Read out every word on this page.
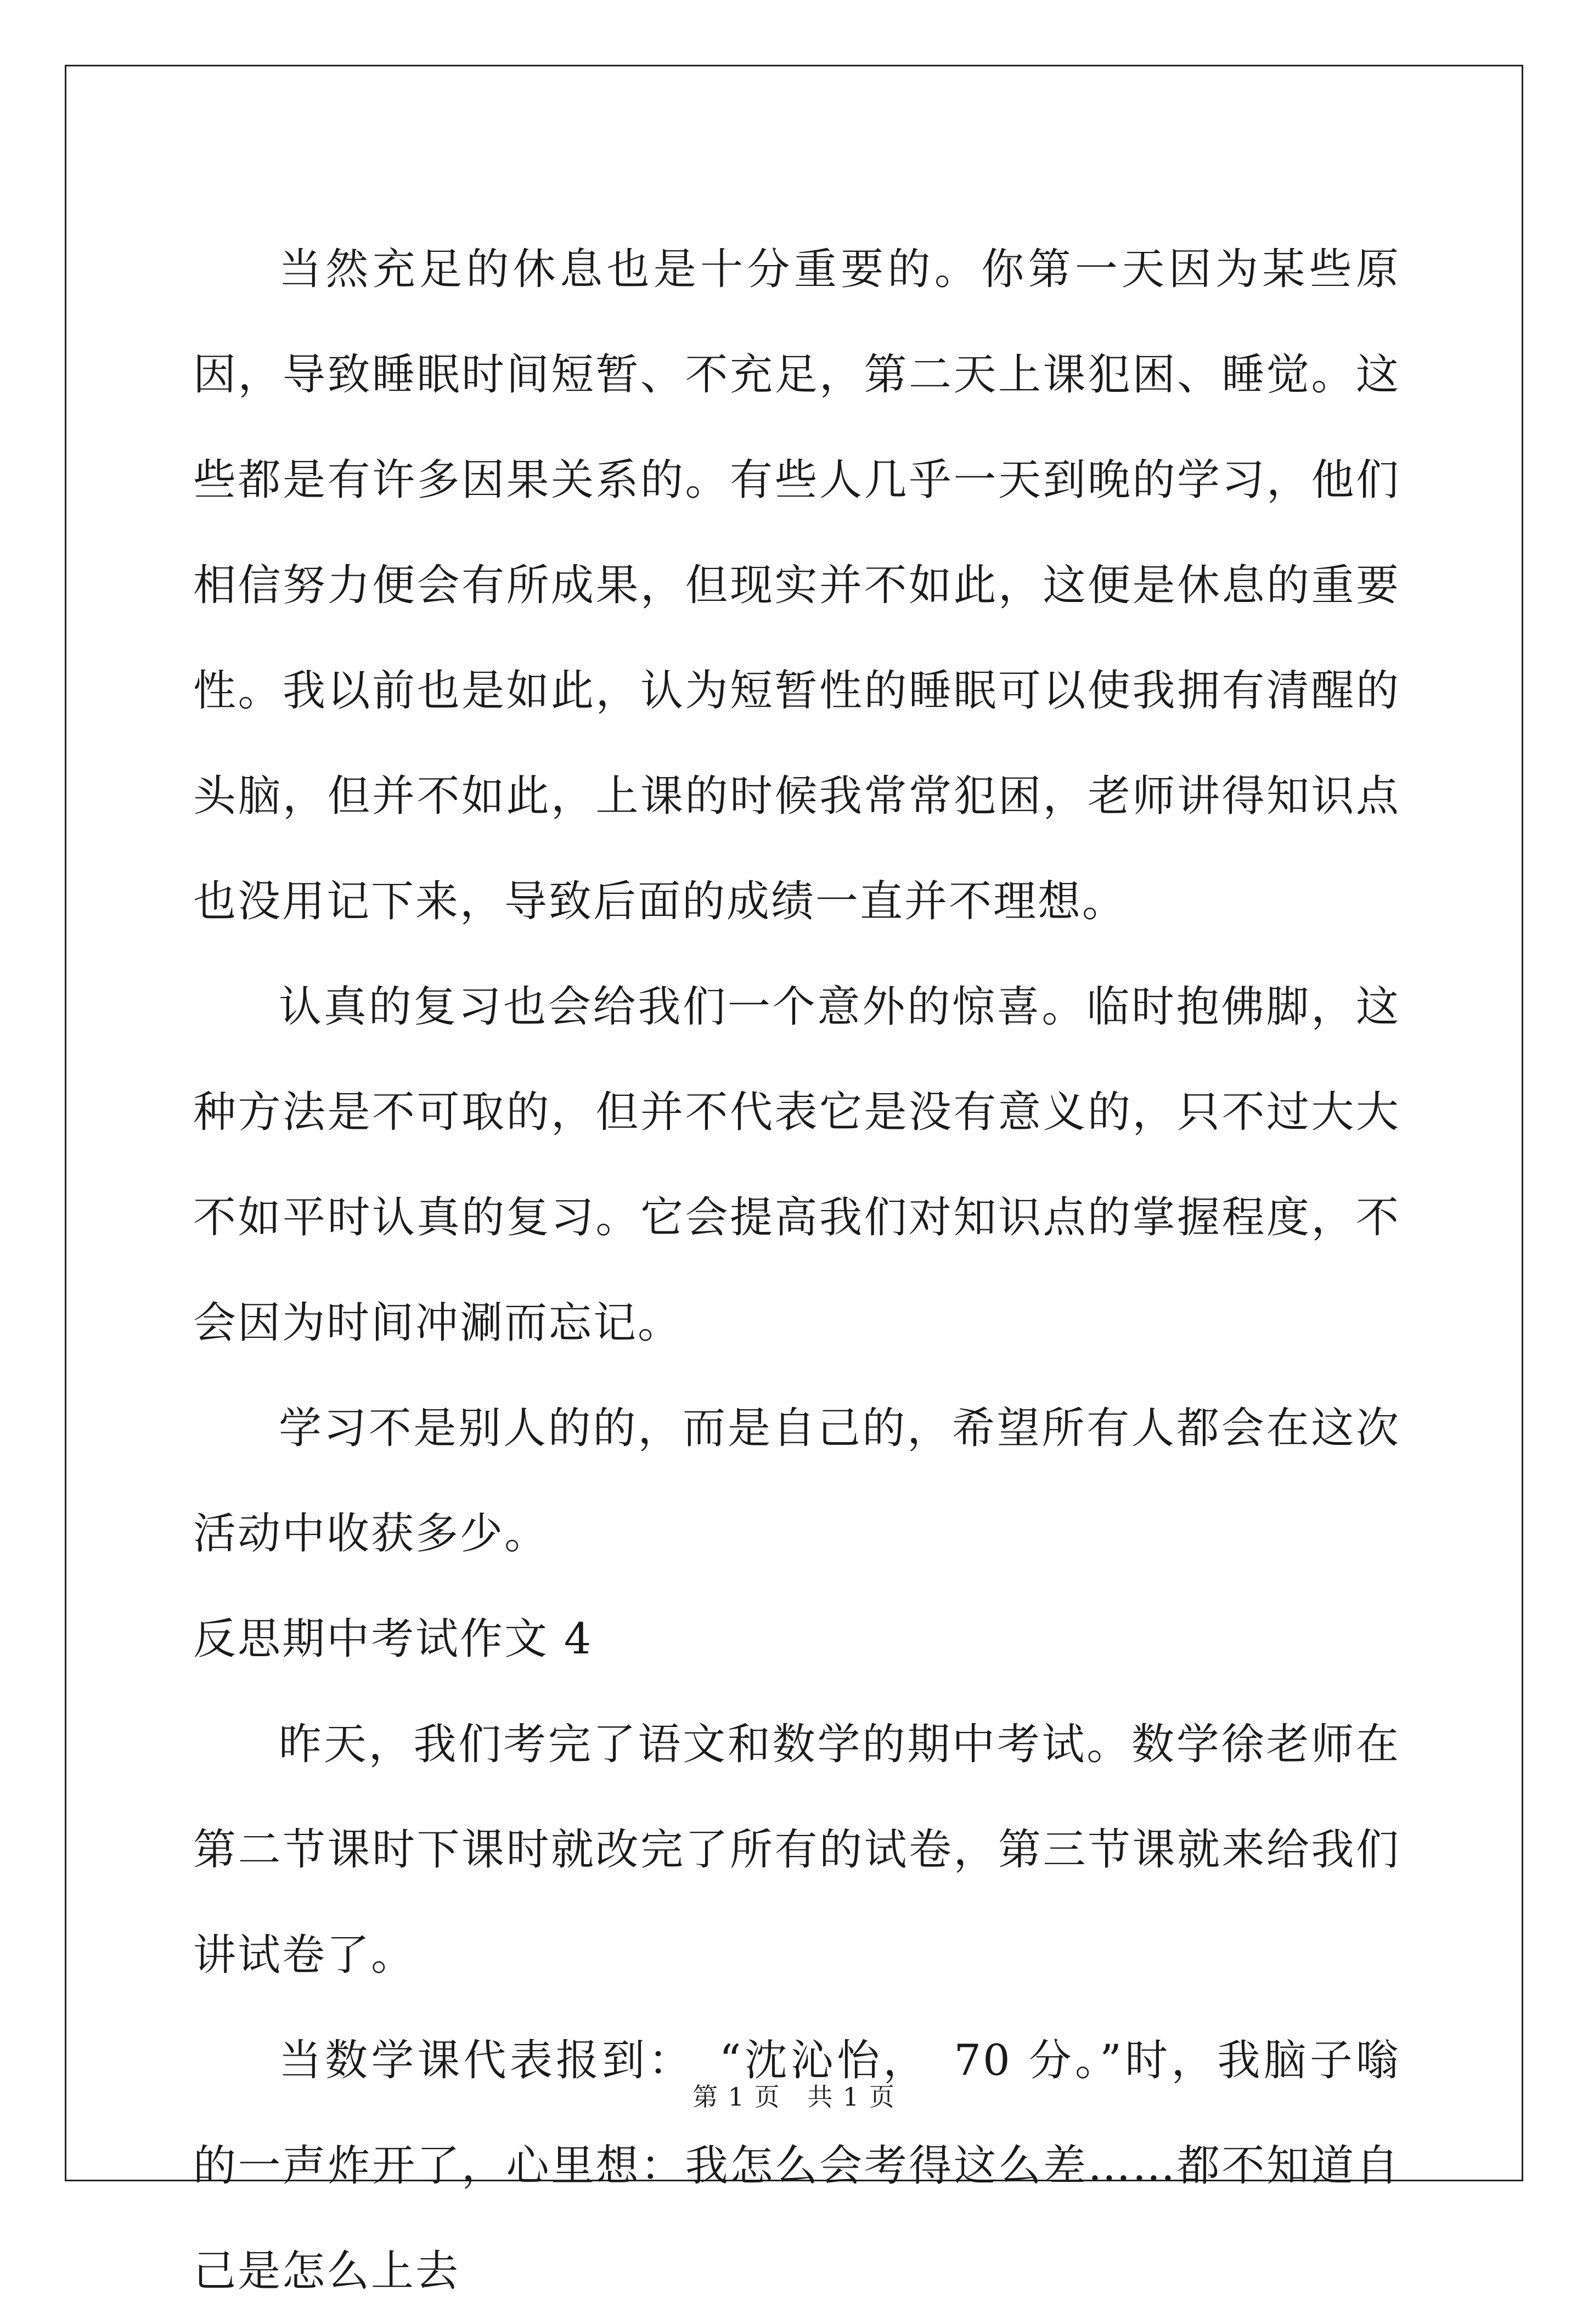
当然充足的休息也是十分重要的。你第一天因为某些原因，导致睡眠时间短暂、不充足，第二天上课犯困、睡觉。这些都是有许多因果关系的。有些人几乎一天到晚的学习，他们相信努力便会有所成果，但现实并不如此，这便是休息的重要性。我以前也是如此，认为短暂性的睡眠可以使我拥有清醒的头脑，但并不如此，上课的时候我常常犯困，老师讲得知识点也没用记下来，导致后面的成绩一直并不理想。

认真的复习也会给我们一个意外的惊喜。临时抱佛脚，这种方法是不可取的，但并不代表它是没有意义的，只不过大大不如平时认真的复习。它会提高我们对知识点的掌握程度，不会因为时间冲涮而忘记。

学习不是别人的的，而是自己的，希望所有人都会在这次活动中收获多少。

反思期中考试作文 4

昨天，我们考完了语文和数学的期中考试。数学徐老师在第二节课时下课时就改完了所有的试卷，第三节课就来给我们讲试卷了。

当数学课代表报到：　“沈沁怡，　70 分。”时，我脑子嗡的一声炸开了，心里想：我怎么会考得这么差……都不知道自己是怎么上去

第 1 页 共 1 页
